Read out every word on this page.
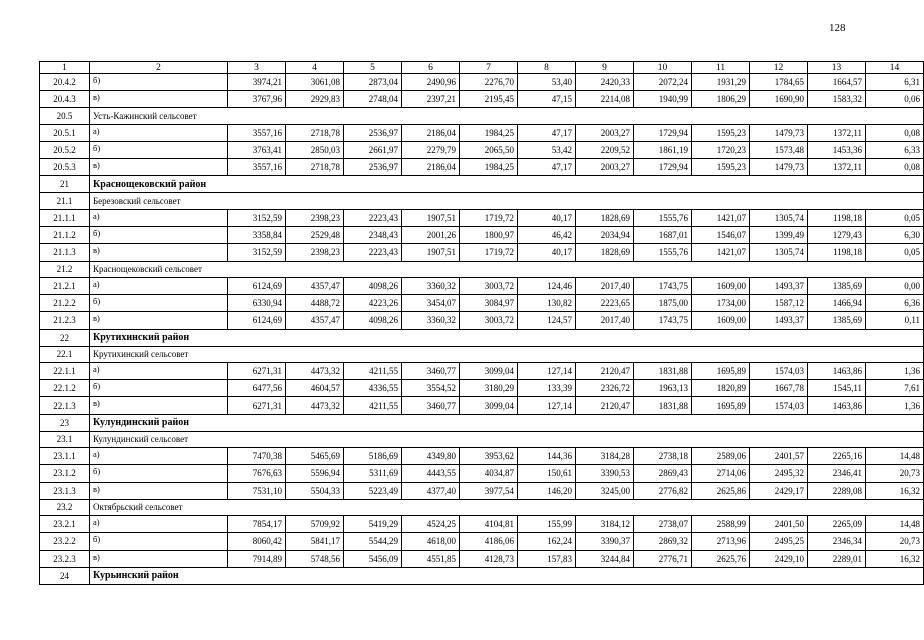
128
1	2	3	4	5	6	7	8	9	10	11	12	13	14
20.4.2	б)	3974,21	3061,08	2873,04	2490,96	2276,70	53,40	2420,33	2072,24	1931,29	1784,65	1664,57	6,31
20.4.3	в)	3767,96	2929,83	2748,04	2397,21	2195,45	47,15	2214,08	1940,99	1806,29	1690,90	1583,32	0,06
20.5	Усть-Кажинский сельсовет												
20.5.1	а)	3557,16	2718,78	2536,97	2186,04	1984,25	47,17	2003,27	1729,94	1595,23	1479,73	1372,11	0,08
20.5.2	б)	3763,41	2850,03	2661,97	2279,79	2065,50	53,42	2209,52	1861,19	1720,23	1573,48	1453,36	6,33
20.5.3	в)	3557,16	2718,78	2536,97	2186,04	1984,25	47,17	2003,27	1729,94	1595,23	1479,73	1372,11	0,08
21	Краснощековский район												
21.1	Березовский сельсовет												
21.1.1	а)	3152,59	2398,23	2223,43	1907,51	1719,72	40,17	1828,69	1555,76	1421,07	1305,74	1198,18	0,05
21.1.2	б)	3358,84	2529,48	2348,43	2001,26	1800,97	46,42	2034,94	1687,01	1546,07	1399,49	1279,43	6,30
21.1.3	в)	3152,59	2398,23	2223,43	1907,51	1719,72	40,17	1828,69	1555,76	1421,07	1305,74	1198,18	0,05
21.2	Краснощековский сельсовет												
21.2.1	а)	6124,69	4357,47	4098,26	3360,32	3003,72	124,46	2017,40	1743,75	1609,00	1493,37	1385,69	0,00
21.2.2	б)	6330,94	4488,72	4223,26	3454,07	3084,97	130,82	2223,65	1875,00	1734,00	1587,12	1466,94	6,36
21.2.3	в)	6124,69	4357,47	4098,26	3360,32	3003,72	124,57	2017,40	1743,75	1609,00	1493,37	1385,69	0,11
22	Крутихинский район												
22.1	Крутихинский сельсовет												
22.1.1	а)	6271,31	4473,32	4211,55	3460,77	3099,04	127,14	2120,47	1831,88	1695,89	1574,03	1463,86	1,36
22.1.2	б)	6477,56	4604,57	4336,55	3554,52	3180,29	133,39	2326,72	1963,13	1820,89	1667,78	1545,11	7,61
22.1.3	в)	6271,31	4473,32	4211,55	3460,77	3099,04	127,14	2120,47	1831,88	1695,89	1574,03	1463,86	1,36
23	Кулундинский район												
23.1	Кулундинский сельсовет												
23.1.1	а)	7470,38	5465,69	5186,69	4349,80	3953,62	144,36	3184,28	2738,18	2589,06	2401,57	2265,16	14,48
23.1.2	б)	7676,63	5596,94	5311,69	4443,55	4034,87	150,61	3390,53	2869,43	2714,06	2495,32	2346,41	20,73
23.1.3	в)	7531,10	5504,33	5223,49	4377,40	3977,54	146,20	3245,00	2776,82	2625,86	2429,17	2289,08	16,32
23.2	Октябрьский сельсовет												
23.2.1	а)	7854,17	5709,92	5419,29	4524,25	4104,81	155,99	3184,12	2738,07	2588,99	2401,50	2265,09	14,48
23.2.2	б)	8060,42	5841,17	5544,29	4618,00	4186,06	162,24	3390,37	2869,32	2713,96	2495,25	2346,34	20,73
23.2.3	в)	7914,89	5748,56	5456,09	4551,85	4128,73	157,83	3244,84	2776,71	2625,76	2429,10	2289,01	16,32
24	Курьинский район												
